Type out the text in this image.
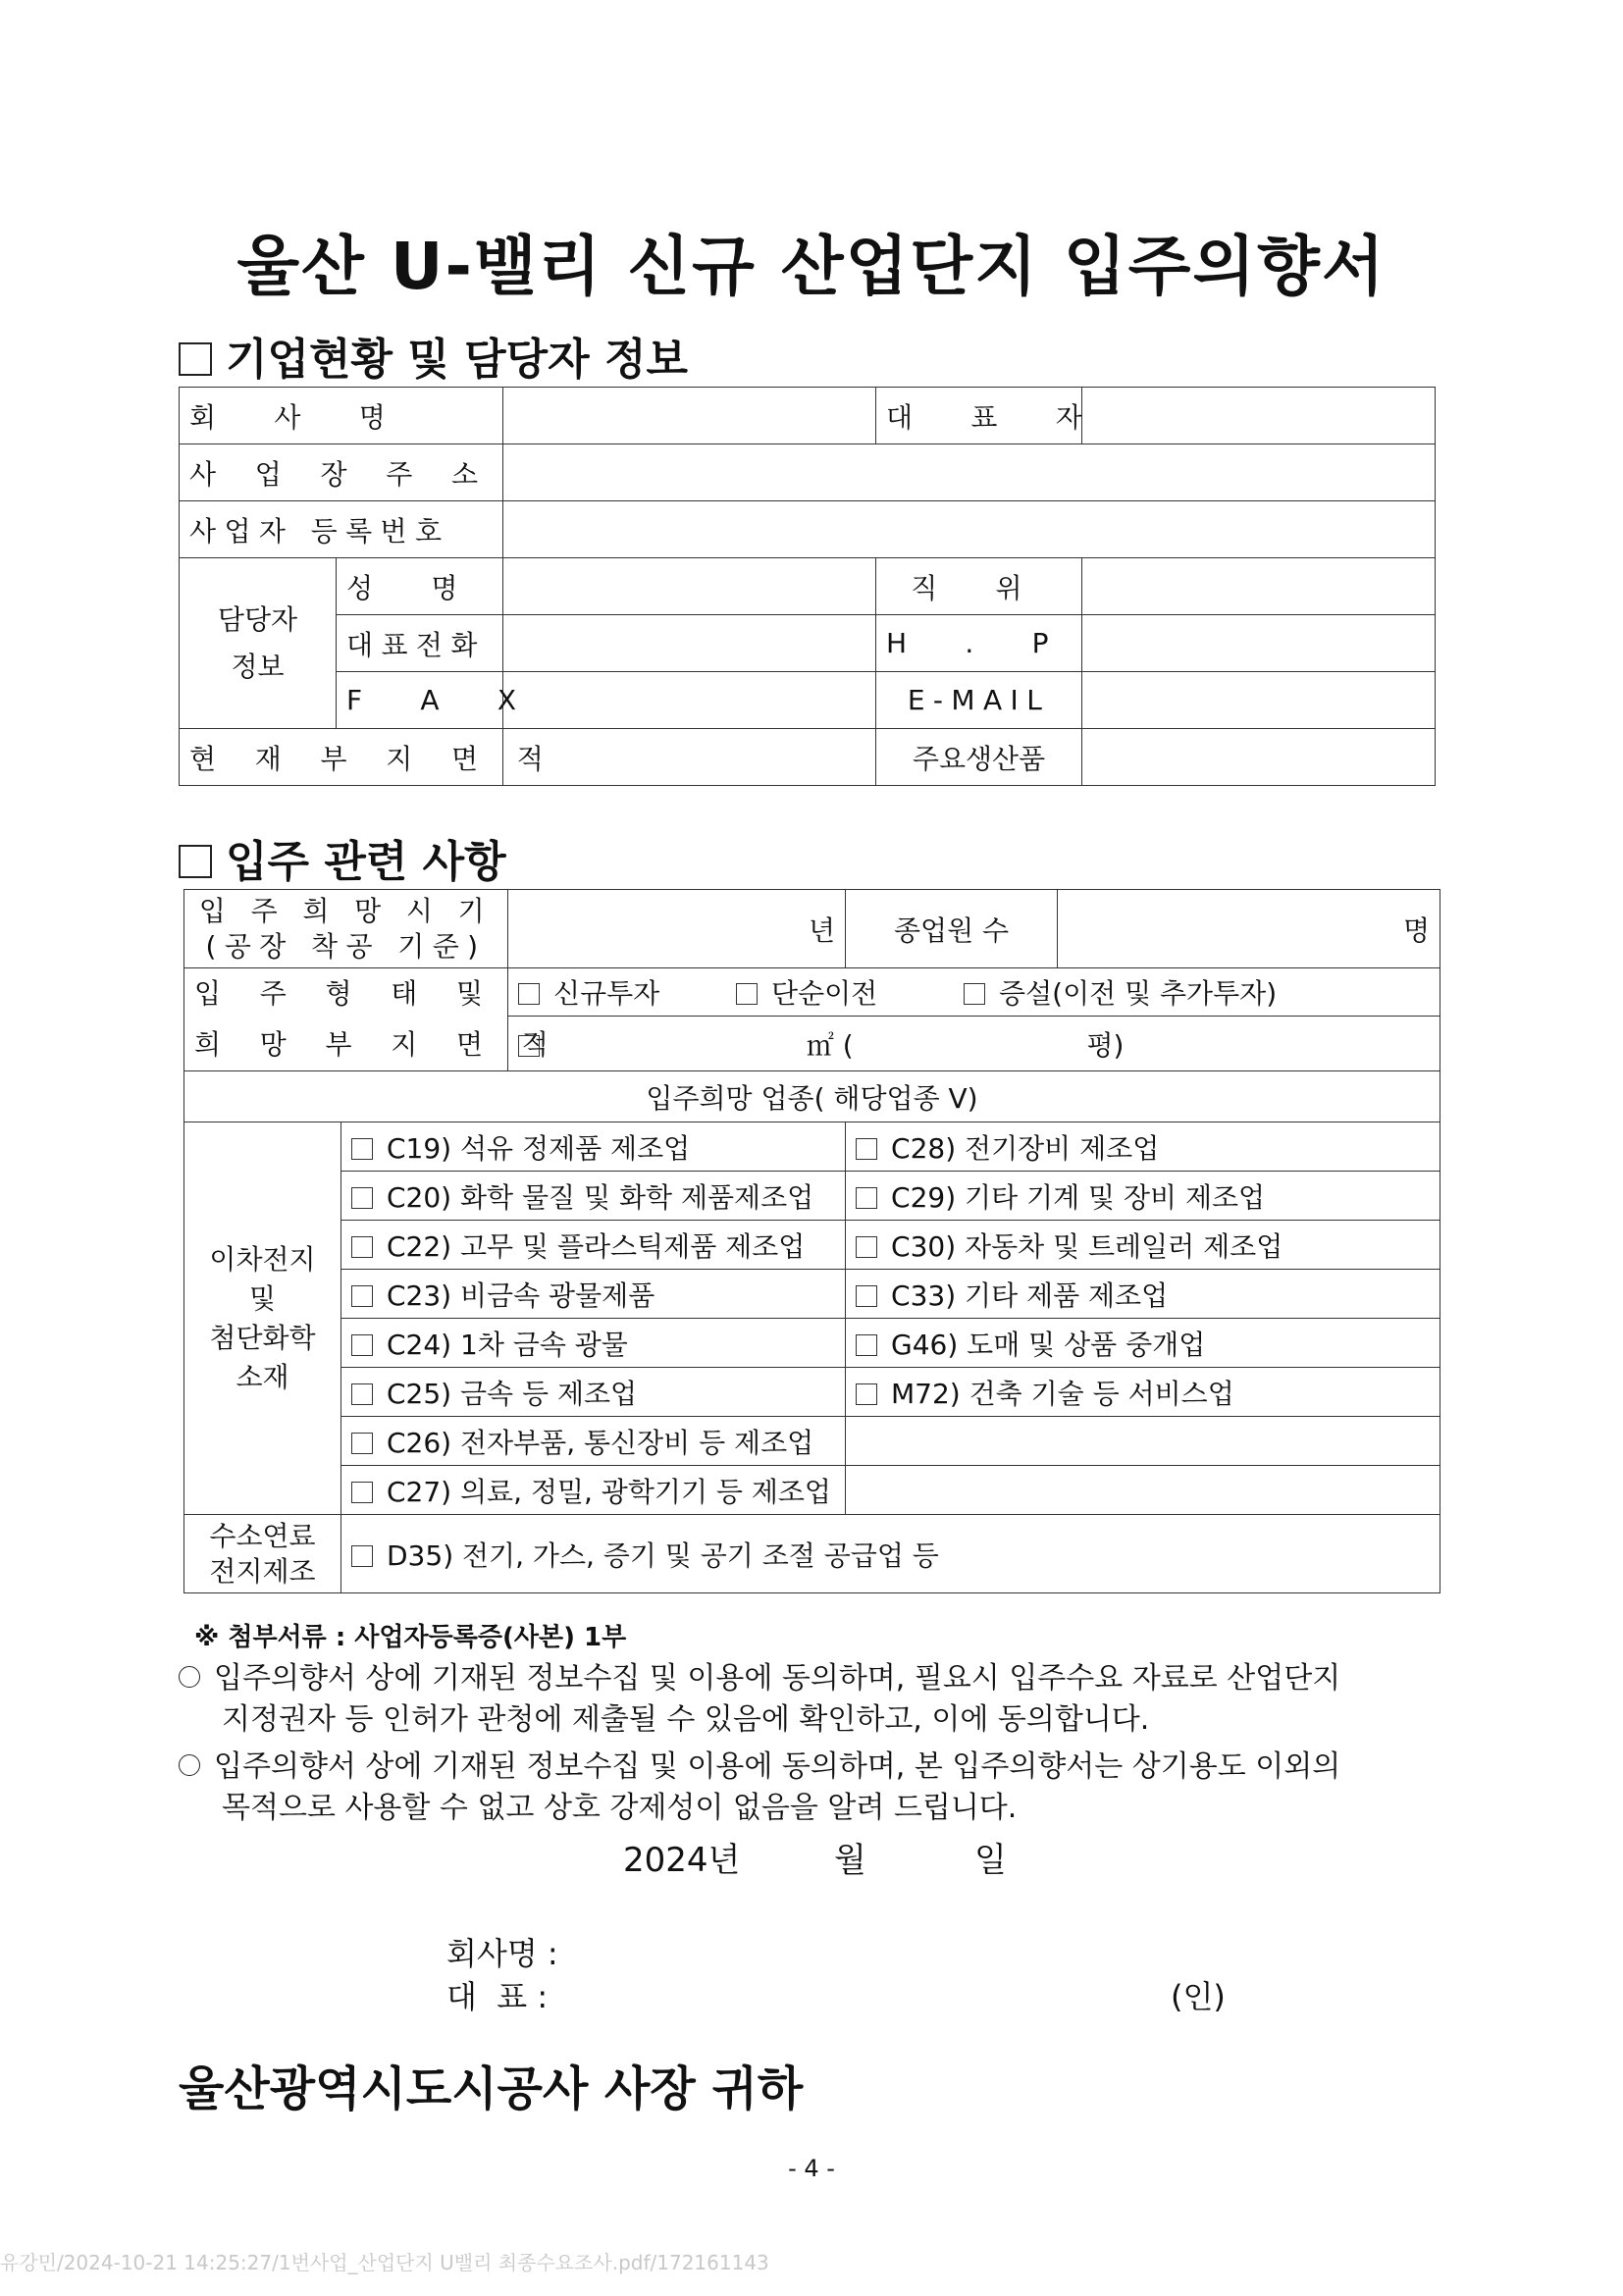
울산 U-밸리 신규 산업단지 입주의향서
기업현황 및 담당자 정보
회 사 명			대 표 자	
사 업 장 주 소				
사업자 등록번호				
담당자
정보	성 명		직 위	
	대표전화		H . P	
	F A X		E-MAIL	
현 재 부 지 면 적			주요생산품	
입주 관련 사항
입 주 희 망 시 기
(공장 착공 기준)		년	종업원 수	명

입 주 형 태 및
희 망 부 지 면 적		신규투자 단순이전 증설(이전 및 추가투자)		
		㎡ ( 평)		
입주희망 업종( 해당업종 V)				
이차전지
및
첨단화학
소재	C19) 석유 정제품 제조업		C28) 전기장비 제조업	
	C20) 화학 물질 및 화학 제품제조업		C29) 기타 기계 및 장비 제조업	
	C22) 고무 및 플라스틱제품 제조업		C30) 자동차 및 트레일러 제조업	
	C23) 비금속 광물제품		C33) 기타 제품 제조업	
	C24) 1차 금속 광물		G46) 도매 및 상품 중개업	
	C25) 금속 등 제조업		M72) 건축 기술 등 서비스업	
	C26) 전자부품, 통신장비 등 제조업			
	C27) 의료, 정밀, 광학기기 등 제조업			
수소연료
전지제조	D35) 전기, 가스, 증기 및 공기 조절 공급업 등			
※ 첨부서류 : 사업자등록증(사본) 1부
입주의향서 상에 기재된 정보수집 및 이용에 동의하며, 필요시 입주수요 자료로 산업단지
지정권자 등 인허가 관청에 제출될 수 있음에 확인하고, 이에 동의합니다.
입주의향서 상에 기재된 정보수집 및 이용에 동의하며, 본 입주의향서는 상기용도 이외의
목적으로 사용할 수 없고 상호 강제성이 없음을 알려 드립니다.
2024년	월	일
회사명 :
대  표 :	(인)
울산광역시도시공사 사장 귀하
- 4 -
유강민/2024-10-21 14:25:27/1번사업_산업단지 U밸리 최종수요조사.pdf/172161143
